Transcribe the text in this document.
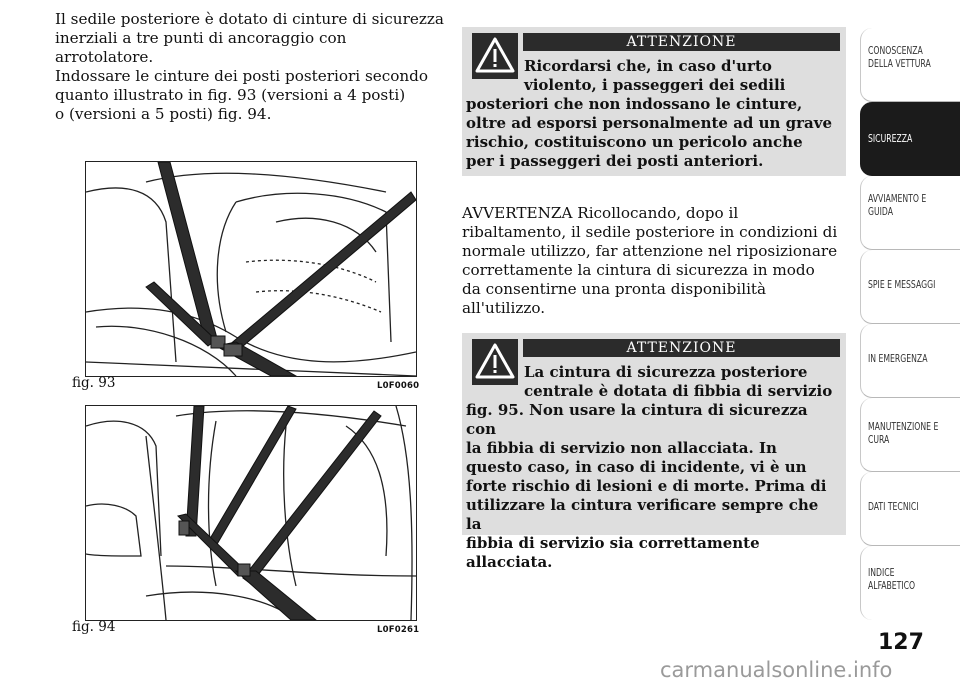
Il sedile posteriore è dotato di cinture di sicurezza

inerziali a tre punti di ancoraggio con arrotolatore.

Indossare le cinture dei posti posteriori secondo

quanto illustrato in fig. 93 (versioni a 4 posti)

o (versioni a 5 posti) fig. 94.

fig. 93	L0F0060
fig. 94	L0F0261
ATTENZIONE
Ricordarsi che, in caso d'urto
violento, i passeggeri dei sedili
posteriori che non indossano le cinture,
oltre ad esporsi personalmente ad un grave
rischio, costituiscono un pericolo anche
per i passeggeri dei posti anteriori.
AVVERTENZA Ricollocando, dopo il
ribaltamento, il sedile posteriore in condizioni di
normale utilizzo, far attenzione nel riposizionare
correttamente la cintura di sicurezza in modo
da consentirne una pronta disponibilità
all'utilizzo.
ATTENZIONE
La cintura di sicurezza posteriore
centrale è dotata di fibbia di servizio
fig. 95. Non usare la cintura di sicurezza con
la fibbia di servizio non allacciata. In
questo caso, in caso di incidente, vi è un
forte rischio di lesioni e di morte. Prima di
utilizzare la cintura verificare sempre che la
fibbia di servizio sia correttamente
allacciata.
CONOSCENZA
DELLA VETTURA
SICUREZZA
AVVIAMENTO E
GUIDA
SPIE E MESSAGGI
IN EMERGENZA
MANUTENZIONE E
CURA
DATI TECNICI
INDICE
ALFABETICO
127
carmanualsonline.info
